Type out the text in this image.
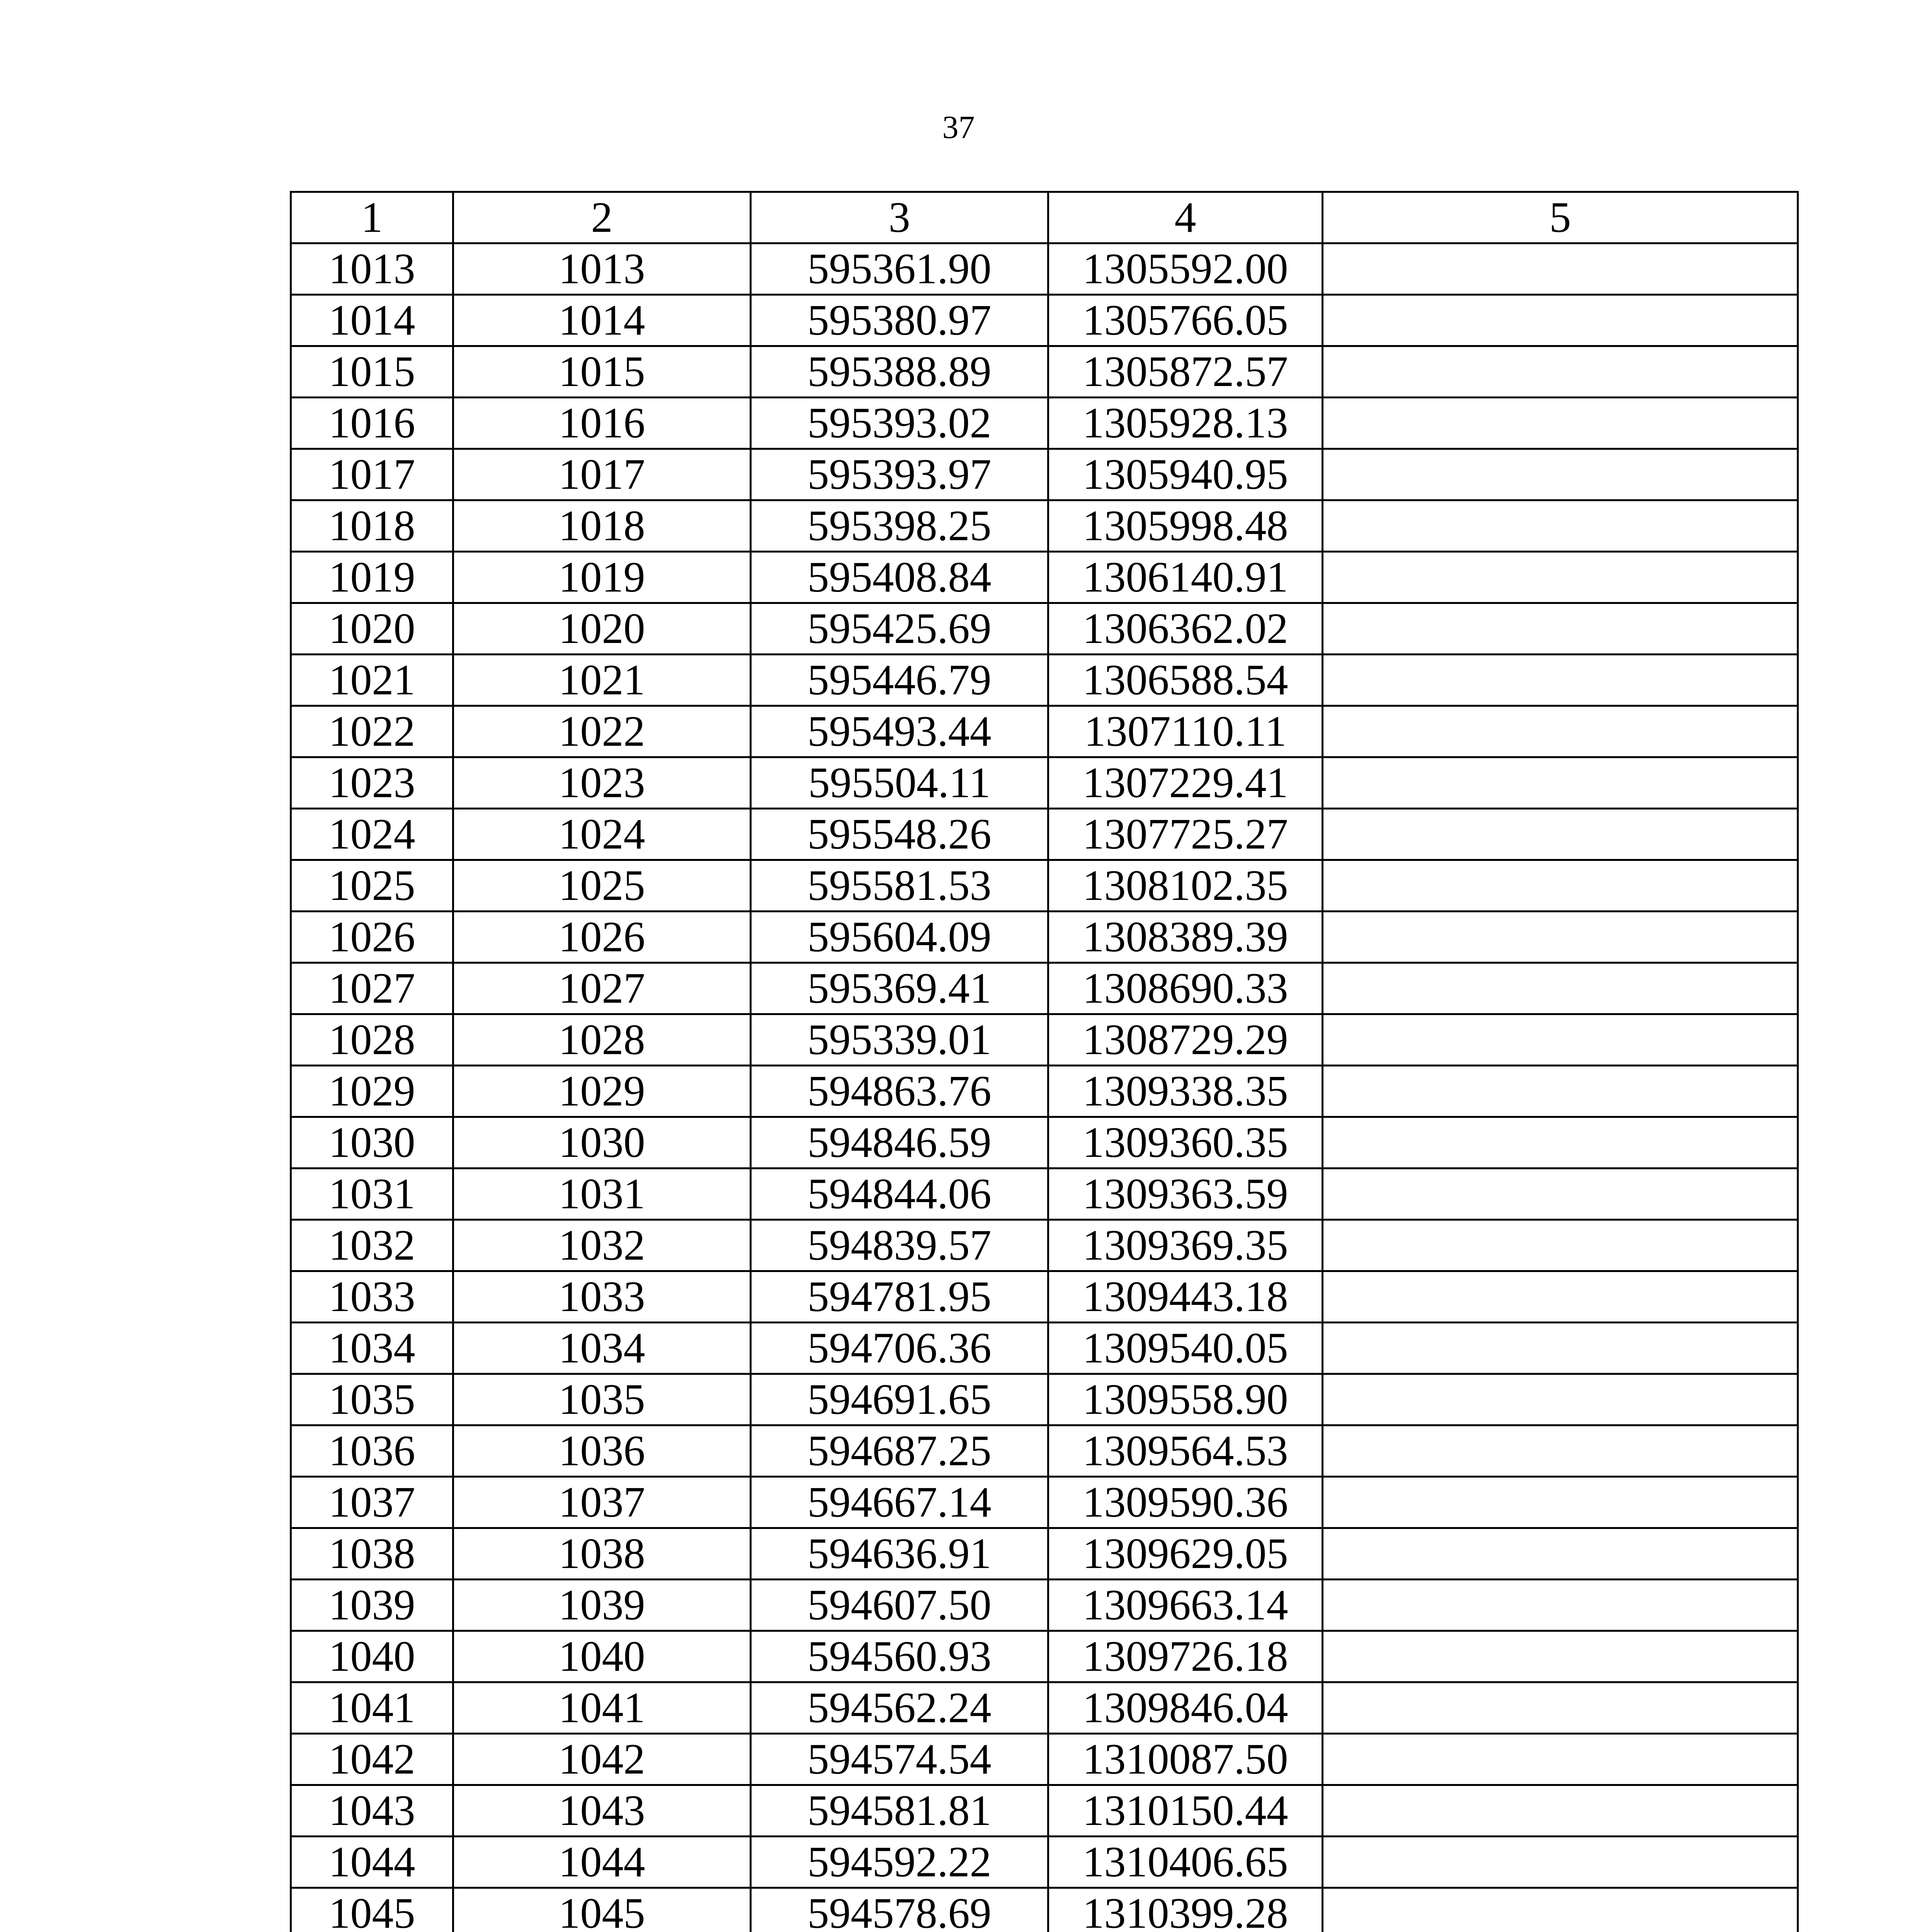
37
1	2	3	4	5
1013	1013	595361.90	1305592.00	
1014	1014	595380.97	1305766.05	
1015	1015	595388.89	1305872.57	
1016	1016	595393.02	1305928.13	
1017	1017	595393.97	1305940.95	
1018	1018	595398.25	1305998.48	
1019	1019	595408.84	1306140.91	
1020	1020	595425.69	1306362.02	
1021	1021	595446.79	1306588.54	
1022	1022	595493.44	1307110.11	
1023	1023	595504.11	1307229.41	
1024	1024	595548.26	1307725.27	
1025	1025	595581.53	1308102.35	
1026	1026	595604.09	1308389.39	
1027	1027	595369.41	1308690.33	
1028	1028	595339.01	1308729.29	
1029	1029	594863.76	1309338.35	
1030	1030	594846.59	1309360.35	
1031	1031	594844.06	1309363.59	
1032	1032	594839.57	1309369.35	
1033	1033	594781.95	1309443.18	
1034	1034	594706.36	1309540.05	
1035	1035	594691.65	1309558.90	
1036	1036	594687.25	1309564.53	
1037	1037	594667.14	1309590.36	
1038	1038	594636.91	1309629.05	
1039	1039	594607.50	1309663.14	
1040	1040	594560.93	1309726.18	
1041	1041	594562.24	1309846.04	
1042	1042	594574.54	1310087.50	
1043	1043	594581.81	1310150.44	
1044	1044	594592.22	1310406.65	
1045	1045	594578.69	1310399.28	
